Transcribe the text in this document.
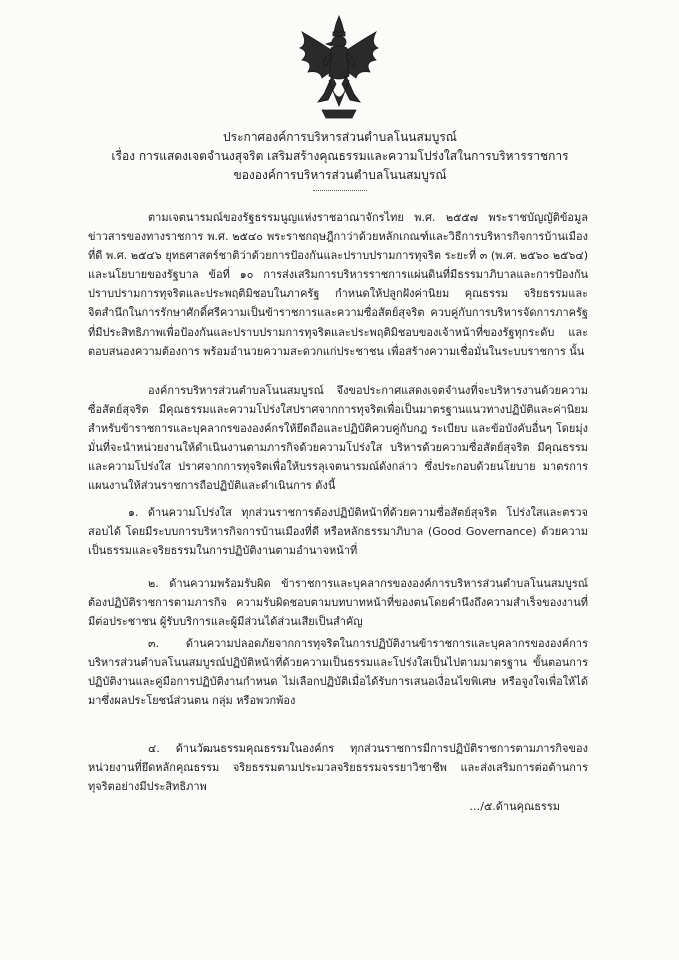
ประกาศองค์การบริหารส่วนตำบลโนนสมบูรณ์
เรื่อง การแสดงเจตจำนงสุจริต เสริมสร้างคุณธรรมและความโปร่งใสในการบริหารราชการ
ขององค์การบริหารส่วนตำบลโนนสมบูรณ์
ตามเจตนารมณ์ของรัฐธรรมนูญแห่งราชอาณาจักรไทย พ.ศ. ๒๕๕๗ พระราชบัญญัติข้อมูลข่าวสารของทางราชการ พ.ศ. ๒๕๔๐ พระราชกฤษฎีกาว่าด้วยหลักเกณฑ์และวิธีการบริหารกิจการบ้านเมืองที่ดี พ.ศ. ๒๕๔๖ ยุทธศาสตร์ชาติว่าด้วยการป้องกันและปราบปรามการทุจริต ระยะที่ ๓ (พ.ศ. ๒๕๖๐ ๒๕๖๔) และนโยบายของรัฐบาล ข้อที่ ๑๐ การส่งเสริมการบริหารราชการแผ่นดินที่มีธรรมาภิบาลและการป้องกันปราบปรามการทุจริตและประพฤติมิชอบในภาครัฐ กำหนดให้ปลูกฝังค่านิยม คุณธรรม จริยธรรมและจิตสำนึกในการรักษาศักดิ์ศรีความเป็นข้าราชการและความซื่อสัตย์สุจริต ควบคู่กับการบริหารจัดการภาครัฐที่มีประสิทธิภาพเพื่อป้องกันและปราบปรามการทุจริตและประพฤติมิชอบของเจ้าหน้าที่ของรัฐทุกระดับ และตอบสนองความต้องการ พร้อมอำนวยความสะดวกแก่ประชาชน เพื่อสร้างความเชื่อมั่นในระบบราชการ นั้น
องค์การบริหารส่วนตำบลโนนสมบูรณ์ จึงขอประกาศแสดงเจตจำนงที่จะบริหารงานด้วยความซื่อสัตย์สุจริต มีคุณธรรมและความโปร่งใสปราศจากการทุจริตเพื่อเป็นมาตรฐานแนวทางปฏิบัติและค่านิยมสำหรับข้าราชการและบุคลากรขององค์กรให้ยึดถือและปฏิบัติควบคู่กับกฎ ระเบียบ และข้อบังคับอื่นๆ โดยมุ่งมั่นที่จะนำหน่วยงานให้ดำเนินงานตามภารกิจด้วยความโปร่งใส บริหารด้วยความซื่อสัตย์สุจริต มีคุณธรรมและความโปร่งใส ปราศจากการทุจริตเพื่อให้บรรลุเจตนารมณ์ดังกล่าว ซึ่งประกอบด้วยนโยบาย มาตรการ แผนงานให้ส่วนราชการถือปฏิบัติและดำเนินการ ดังนี้
๑. ด้านความโปร่งใส ทุกส่วนราชการต้องปฏิบัติหน้าที่ด้วยความซื่อสัตย์สุจริต โปร่งใสและตรวจสอบได้ โดยมีระบบการบริหารกิจการบ้านเมืองที่ดี หรือหลักธรรมาภิบาล (Good Governance) ด้วยความเป็นธรรมและจริยธรรมในการปฏิบัติงานตามอำนาจหน้าที่
๒. ด้านความพร้อมรับผิด ข้าราชการและบุคลากรขององค์การบริหารส่วนตำบลโนนสมบูรณ์ต้องปฏิบัติราชการตามภารกิจ ความรับผิดชอบตามบทบาทหน้าที่ของตนโดยคำนึงถึงความสำเร็จของงานที่มีต่อประชาชน ผู้รับบริการและผู้มีส่วนได้ส่วนเสียเป็นสำคัญ
๓. ด้านความปลอดภัยจากการทุจริตในการปฏิบัติงานข้าราชการและบุคลากรขององค์การบริหารส่วนตำบลโนนสมบูรณ์ปฏิบัติหน้าที่ด้วยความเป็นธรรมและโปร่งใสเป็นไปตามมาตรฐาน ขั้นตอนการปฏิบัติงานและคู่มือการปฏิบัติงานกำหนด ไม่เลือกปฏิบัติเมื่อได้รับการเสนอเงื่อนไขพิเศษ หรือจูงใจเพื่อให้ได้มาซึ่งผลประโยชน์ส่วนตน กลุ่ม หรือพวกพ้อง
๔. ด้านวัฒนธรรมคุณธรรมในองค์กร ทุกส่วนราชการมีการปฏิบัติราชการตามภารกิจของหน่วยงานที่ยึดหลักคุณธรรม จริยธรรมตามประมวลจริยธรรมจรรยาวิชาชีพ และส่งเสริมการต่อต้านการทุจริตอย่างมีประสิทธิภาพ
…/๕.ด้านคุณธรรม
